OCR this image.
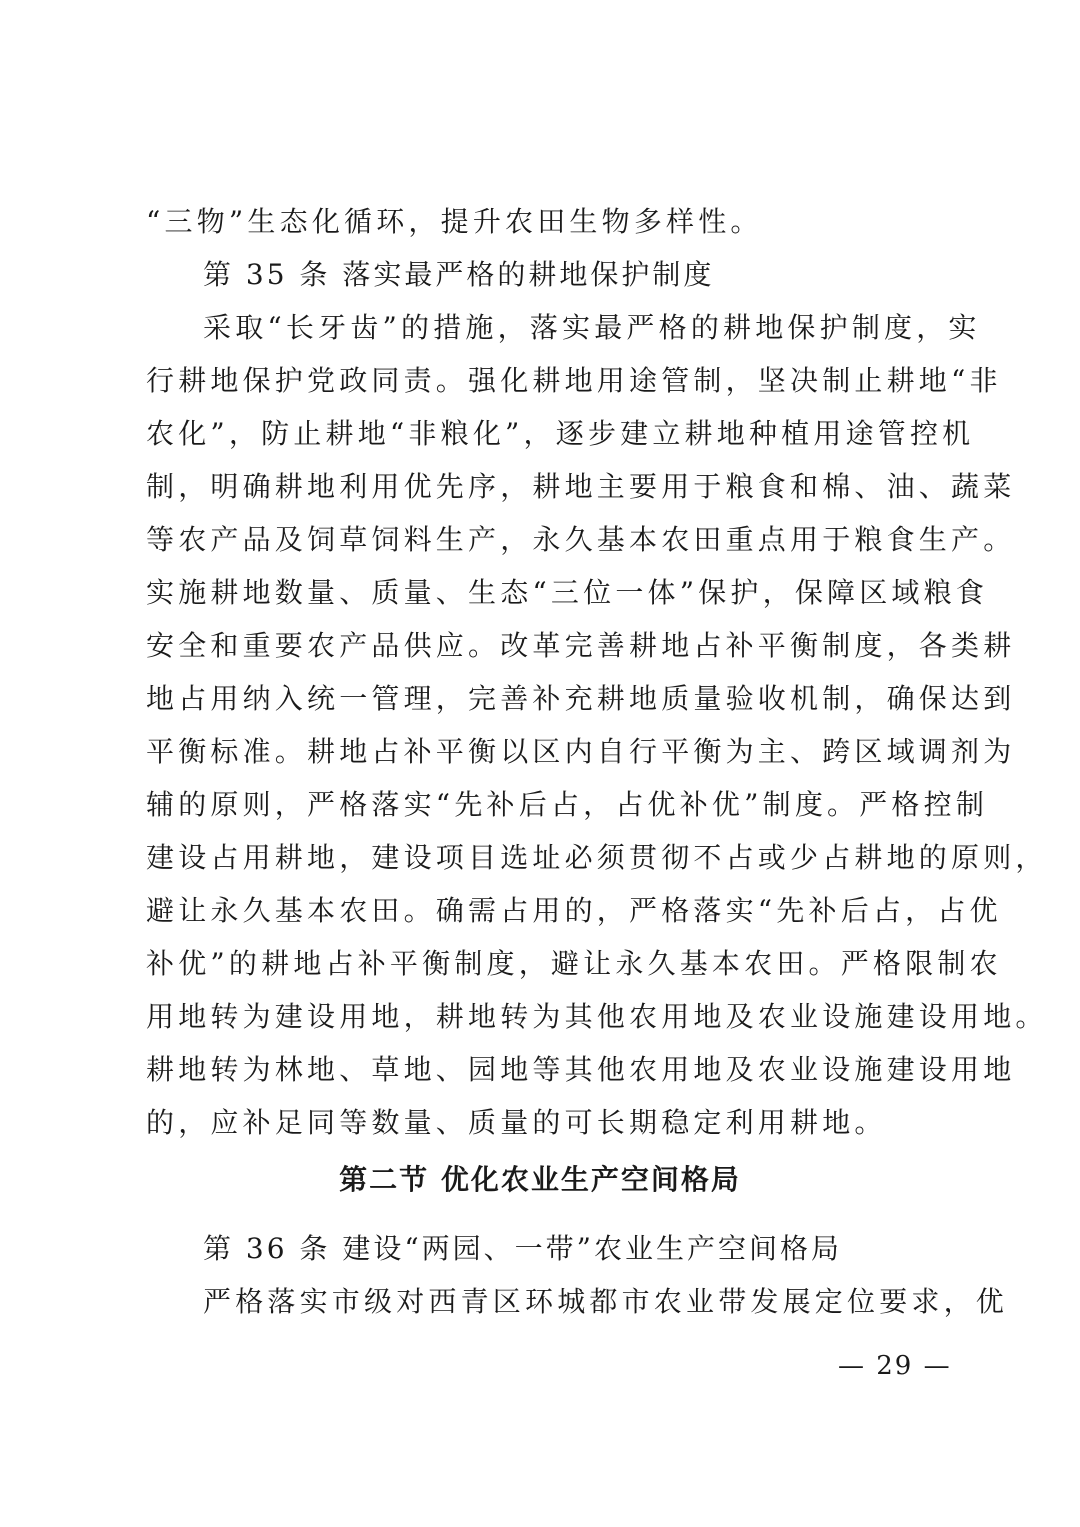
“三物”生态化循环，提升农田生物多样性。
第 35 条 落实最严格的耕地保护制度
采取“长牙齿”的措施，落实最严格的耕地保护制度，实
行耕地保护党政同责。强化耕地用途管制，坚决制止耕地“非
农化”，防止耕地“非粮化”，逐步建立耕地种植用途管控机
制，明确耕地利用优先序，耕地主要用于粮食和棉、油、蔬菜
等农产品及饲草饲料生产，永久基本农田重点用于粮食生产。
实施耕地数量、质量、生态“三位一体”保护，保障区域粮食
安全和重要农产品供应。改革完善耕地占补平衡制度，各类耕
地占用纳入统一管理，完善补充耕地质量验收机制，确保达到
平衡标准。耕地占补平衡以区内自行平衡为主、跨区域调剂为
辅的原则，严格落实“先补后占，占优补优”制度。严格控制
建设占用耕地，建设项目选址必须贯彻不占或少占耕地的原则，
避让永久基本农田。确需占用的，严格落实“先补后占，占优
补优”的耕地占补平衡制度，避让永久基本农田。严格限制农
用地转为建设用地，耕地转为其他农用地及农业设施建设用地。
耕地转为林地、草地、园地等其他农用地及农业设施建设用地
的，应补足同等数量、质量的可长期稳定利用耕地。
第二节 优化农业生产空间格局
第 36 条 建设“两园、一带”农业生产空间格局
严格落实市级对西青区环城都市农业带发展定位要求，优
— 29 —
